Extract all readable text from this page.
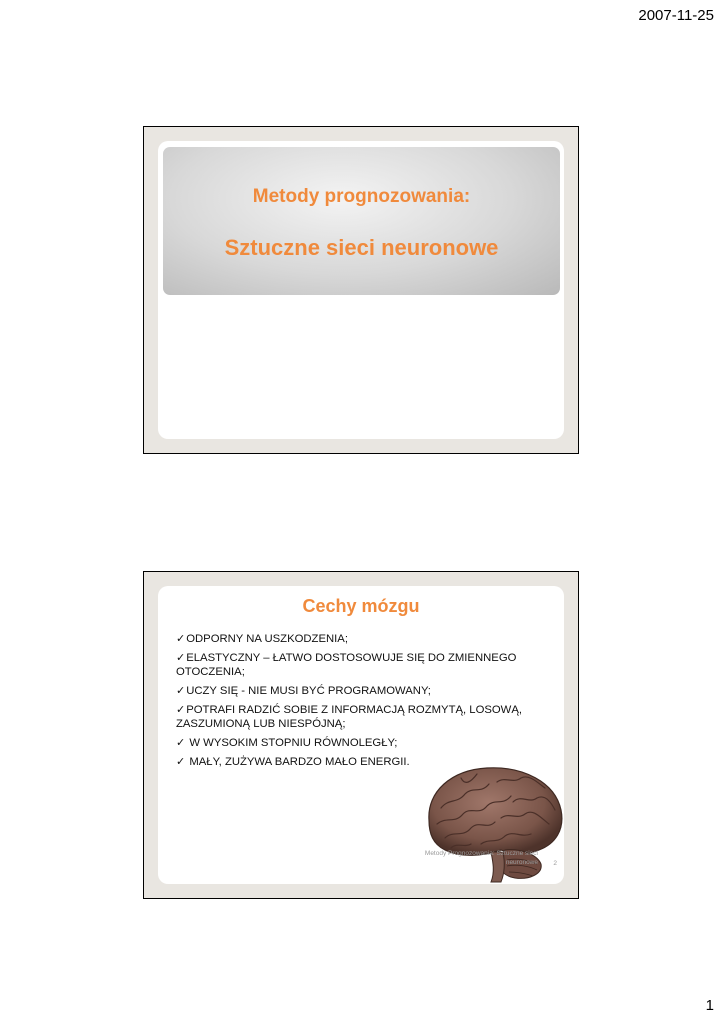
2007-11-25
Metody prognozowania:
Sztuczne sieci neuronowe
Cechy mózgu
✓ODPORNY NA USZKODZENIA;
✓ELASTYCZNY – ŁATWO DOSTOSOWUJE SIĘ DO ZMIENNEGO OTOCZENIA;
✓UCZY SIĘ - NIE MUSI BYĆ PROGRAMOWANY;
✓POTRAFI RADZIĆ SOBIE Z INFORMACJĄ ROZMYTĄ, LOSOWĄ, ZASZUMIONĄ LUB NIESPÓJNĄ;
✓ W WYSOKIM STOPNIU RÓWNOLEGŁY;
✓ MAŁY, ZUŻYWA BARDZO MAŁO ENERGII.
Metody Prognozowania: Sztuczne sieci
neuronowe 2
1
